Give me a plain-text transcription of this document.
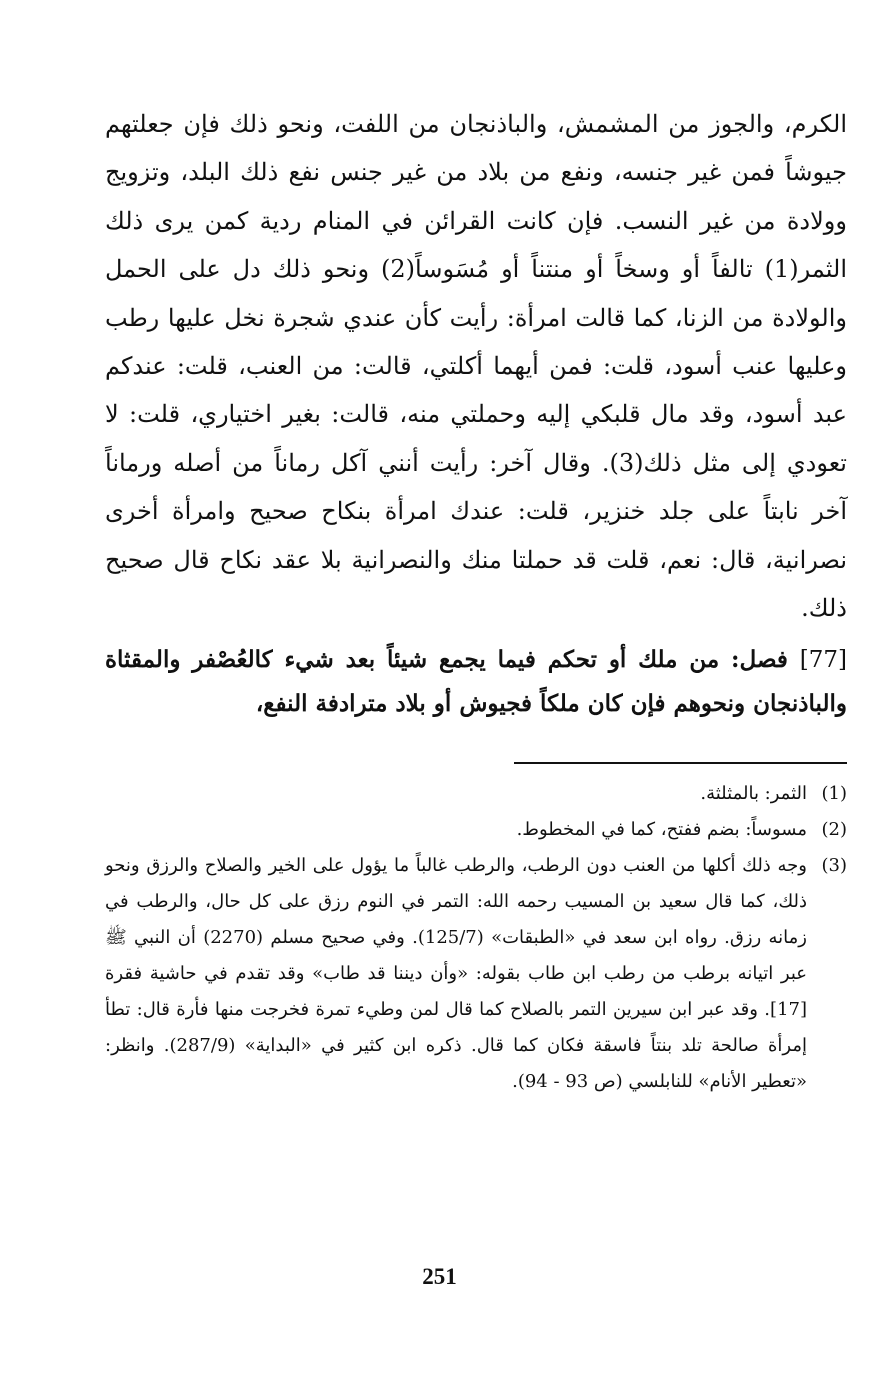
الكرم، والجوز من المشمش، والباذنجان من اللفت، ونحو ذلك فإن جعلتهم جيوشاً فمن غير جنسه، ونفع من بلاد من غير جنس نفع ذلك البلد، وتزويج وولادة من غير النسب. فإن كانت القرائن في المنام ردية كمن يرى ذلك الثمر(1) تالفاً أو وسخاً أو منتناً أو مُسَوساً(2) ونحو ذلك دل على الحمل والولادة من الزنا، كما قالت امرأة: رأيت كأن عندي شجرة نخل عليها رطب وعليها عنب أسود، قلت: فمن أيهما أكلتي، قالت: من العنب، قلت: عندكم عبد أسود، وقد مال قلبكي إليه وحملتي منه، قالت: بغير اختياري، قلت: لا تعودي إلى مثل ذلك(3). وقال آخر: رأيت أنني آكل رماناً من أصله ورماناً آخر نابتاً على جلد خنزير، قلت: عندك امرأة بنكاح صحيح وامرأة أخرى نصرانية، قال: نعم، قلت قد حملتا منك والنصرانية بلا عقد نكاح قال صحيح ذلك.

[77] فصل: من ملك أو تحكم فيما يجمع شيئاً بعد شيء كالعُصْفر والمقثاة والباذنجان ونحوهم فإن كان ملكاً فجيوش أو بلاد مترادفة النفع،

(1)
الثمر: بالمثلثة.
(2)
مسوساً: بضم ففتح، كما في المخطوط.
(3)
وجه ذلك أكلها من العنب دون الرطب، والرطب غالباً ما يؤول على الخير والصلاح والرزق ونحو ذلك، كما قال سعيد بن المسيب رحمه الله: التمر في النوم رزق على كل حال، والرطب في زمانه رزق. رواه ابن سعد في «الطبقات» (125/7). وفي صحيح مسلم (2270) أن النبي ﷺ عبر اتيانه برطب من رطب ابن طاب بقوله: «وأن ديننا قد طاب» وقد تقدم في حاشية فقرة [17]. وقد عبر ابن سيرين التمر بالصلاح كما قال لمن وطيء تمرة فخرجت منها فأرة قال: تطأ إمرأة صالحة تلد بنتاً فاسقة فكان كما قال. ذكره ابن كثير في «البداية» (287/9). وانظر: «تعطير الأنام» للنابلسي (ص 93 - 94).
251
